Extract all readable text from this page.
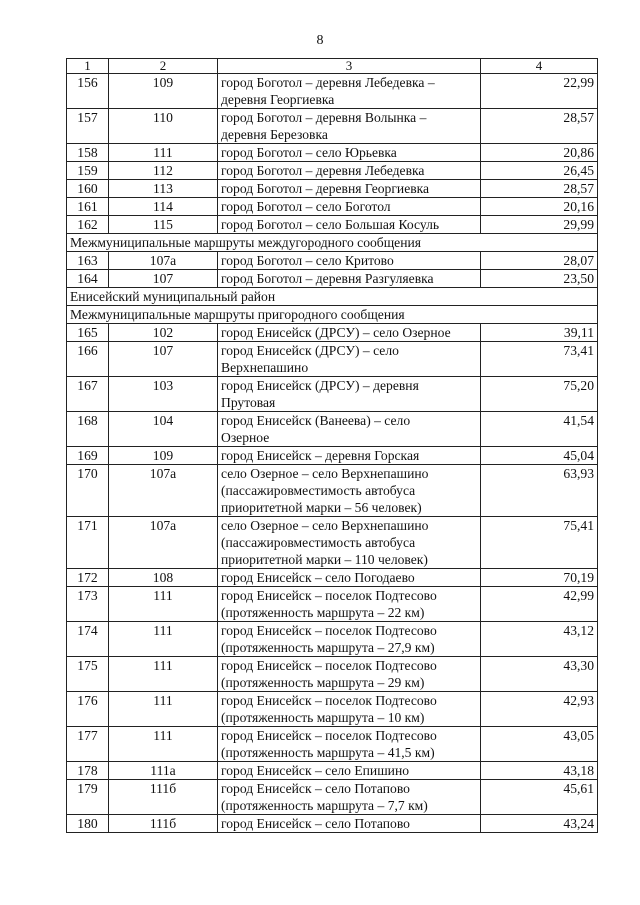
8
1	2	3	4
156	109	город Боготол – деревня Лебедевка –
деревня Георгиевка	22,99
157	110	город Боготол – деревня Волынка –
деревня Березовка	28,57
158	111	город Боготол – село Юрьевка	20,86
159	112	город Боготол – деревня Лебедевка	26,45
160	113	город Боготол – деревня Георгиевка	28,57
161	114	город Боготол – село Боготол	20,16
162	115	город Боготол – село Большая Косуль	29,99
Межмуниципальные маршруты междугородного сообщения			
163	107а	город Боготол – село Критово	28,07
164	107	город Боготол – деревня Разгуляевка	23,50
Енисейский муниципальный район			
Межмуниципальные маршруты пригородного сообщения			
165	102	город Енисейск (ДРСУ) – село Озерное	39,11
166	107	город Енисейск (ДРСУ) – село
Верхнепашино	73,41
167	103	город Енисейск (ДРСУ) – деревня
Прутовая	75,20
168	104	город Енисейск (Ванеева) – село
Озерное	41,54
169	109	город Енисейск – деревня Горская	45,04
170	107а	село Озерное – село Верхнепашино
(пассажировместимость автобуса
приоритетной марки – 56 человек)	63,93
171	107а	село Озерное – село Верхнепашино
(пассажировместимость автобуса
приоритетной марки – 110 человек)	75,41
172	108	город Енисейск – село Погодаево	70,19
173	111	город Енисейск – поселок Подтесово
(протяженность маршрута – 22 км)	42,99
174	111	город Енисейск – поселок Подтесово
(протяженность маршрута – 27,9 км)	43,12
175	111	город Енисейск – поселок Подтесово
(протяженность маршрута – 29 км)	43,30
176	111	город Енисейск – поселок Подтесово
(протяженность маршрута – 10 км)	42,93
177	111	город Енисейск – поселок Подтесово
(протяженность маршрута – 41,5 км)	43,05
178	111а	город Енисейск – село Епишино	43,18
179	111б	город Енисейск – село Потапово
(протяженность маршрута – 7,7 км)	45,61
180	111б	город Енисейск – село Потапово	43,24
